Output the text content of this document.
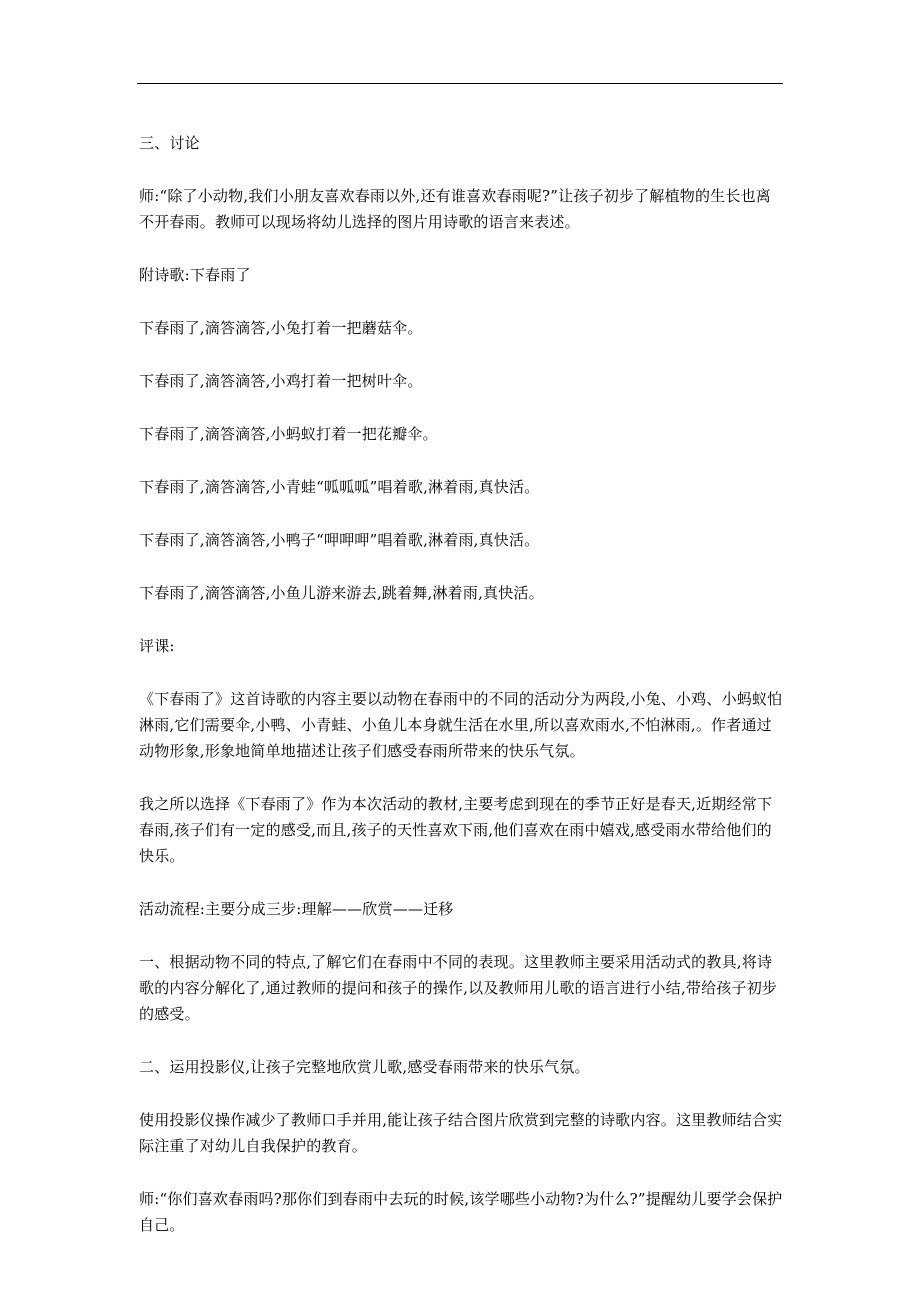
三、讨论

师:“除了小动物,我们小朋友喜欢春雨以外,还有谁喜欢春雨呢?”让孩子初步了解植物的生长也离不开春雨。教师可以现场将幼儿选择的图片用诗歌的语言来表述。

附诗歌:下春雨了

下春雨了,滴答滴答,小兔打着一把蘑菇伞。

下春雨了,滴答滴答,小鸡打着一把树叶伞。

下春雨了,滴答滴答,小蚂蚁打着一把花瓣伞。

下春雨了,滴答滴答,小青蛙“呱呱呱”唱着歌,淋着雨,真快活。

下春雨了,滴答滴答,小鸭子“呷呷呷”唱着歌,淋着雨,真快活。

下春雨了,滴答滴答,小鱼儿游来游去,跳着舞,淋着雨,真快活。

评课:

《下春雨了》这首诗歌的内容主要以动物在春雨中的不同的活动分为两段,小兔、小鸡、小蚂蚁怕淋雨,它们需要伞,小鸭、小青蛙、小鱼儿本身就生活在水里,所以喜欢雨水,不怕淋雨,。作者通过动物形象,形象地简单地描述让孩子们感受春雨所带来的快乐气氛。

我之所以选择《下春雨了》作为本次活动的教材,主要考虑到现在的季节正好是春天,近期经常下春雨,孩子们有一定的感受,而且,孩子的天性喜欢下雨,他们喜欢在雨中嬉戏,感受雨水带给他们的快乐。

活动流程:主要分成三步:理解——欣赏——迁移

一、根据动物不同的特点,了解它们在春雨中不同的表现。这里教师主要采用活动式的教具,将诗歌的内容分解化了,通过教师的提问和孩子的操作,以及教师用儿歌的语言进行小结,带给孩子初步的感受。

二、运用投影仪,让孩子完整地欣赏儿歌,感受春雨带来的快乐气氛。

使用投影仪操作减少了教师口手并用,能让孩子结合图片欣赏到完整的诗歌内容。这里教师结合实际注重了对幼儿自我保护的教育。

师:“你们喜欢春雨吗?那你们到春雨中去玩的时候,该学哪些小动物?为什么?”提醒幼儿要学会保护自己。
